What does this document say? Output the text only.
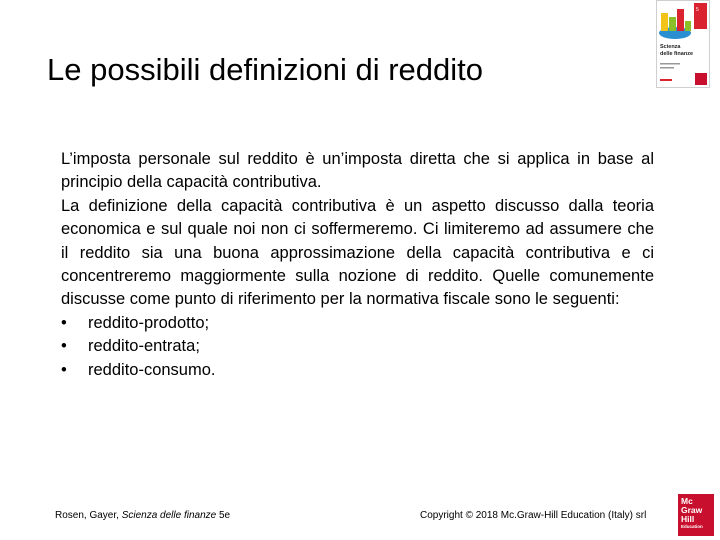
Le possibili definizioni di reddito
5
Scienza
delle finanze

L’imposta personale sul reddito è un’imposta diretta che si applica in base al principio della capacità contributiva.

La definizione della capacità contributiva è un aspetto discusso dalla teoria economica e sul quale noi non ci soffermeremo. Ci limiteremo ad assumere che il reddito sia una buona approssimazione della capacità contributiva e ci concentreremo maggiormente sulla nozione di reddito. Quelle comunemente discusse come punto di riferimento per la normativa fiscale sono le seguenti:

• reddito-prodotto;
• reddito-entrata;
• reddito-consumo.
Rosen, Gayer, Scienza delle finanze 5e	Copyright © 2018 Mc.Graw-Hill Education (Italy) srl
Mc
Graw
Hill
Education
